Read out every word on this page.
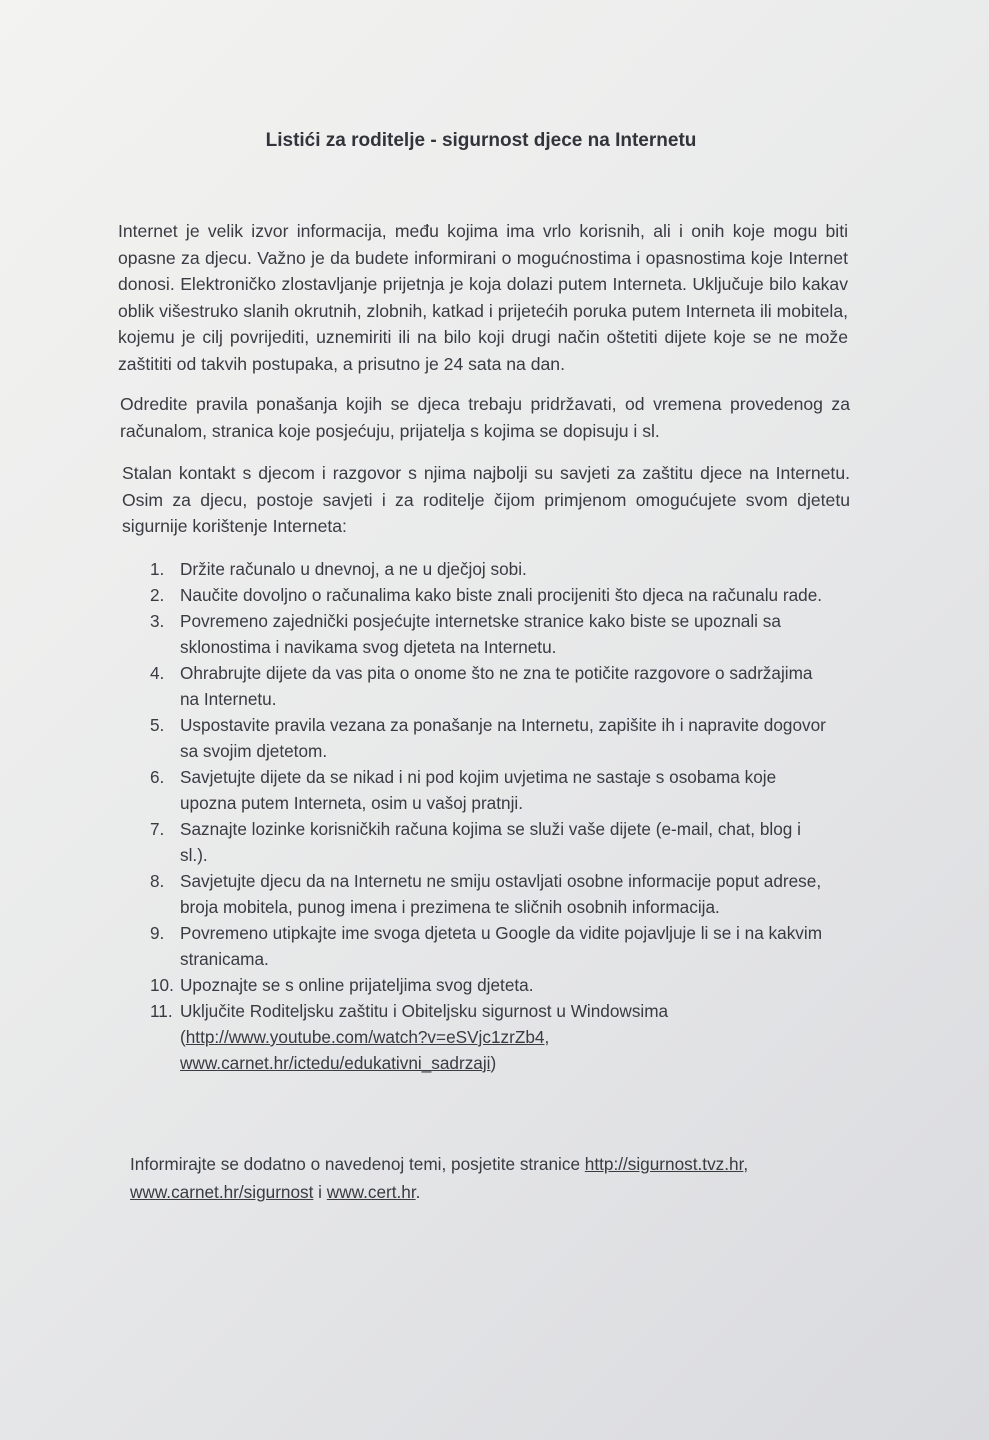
Listići za roditelje - sigurnost djece na Internetu

Internet je velik izvor informacija, među kojima ima vrlo korisnih, ali i onih koje mogu biti opasne za djecu. Važno je da budete informirani o mogućnostima i opasnostima koje Internet donosi. Elektroničko zlostavljanje prijetnja je koja dolazi putem Interneta. Uključuje bilo kakav oblik višestruko slanih okrutnih, zlobnih, katkad i prijetećih poruka putem Interneta ili mobitela, kojemu je cilj povrijediti, uznemiriti ili na bilo koji drugi način oštetiti dijete koje se ne može zaštititi od takvih postupaka, a prisutno je 24 sata na dan.

Odredite pravila ponašanja kojih se djeca trebaju pridržavati, od vremena provedenog za računalom, stranica koje posjećuju, prijatelja s kojima se dopisuju i sl.

Stalan kontakt s djecom i razgovor s njima najbolji su savjeti za zaštitu djece na Internetu. Osim za djecu, postoje savjeti i za roditelje čijom primjenom omogućujete svom djetetu sigurnije korištenje Interneta:

1. Držite računalo u dnevnoj, a ne u dječjoj sobi.
2. Naučite dovoljno o računalima kako biste znali procijeniti što djeca na računalu rade.
3. Povremeno zajednički posjećujte internetske stranice kako biste se upoznali sa sklonostima i navikama svog djeteta na Internetu.
4. Ohrabrujte dijete da vas pita o onome što ne zna te potičite razgovore o sadržajima na Internetu.
5. Uspostavite pravila vezana za ponašanje na Internetu, zapišite ih i napravite dogovor sa svojim djetetom.
6. Savjetujte dijete da se nikad i ni pod kojim uvjetima ne sastaje s osobama koje upozna putem Interneta, osim u vašoj pratnji.
7. Saznajte lozinke korisničkih računa kojima se služi vaše dijete (e-mail, chat, blog i sl.).
8. Savjetujte djecu da na Internetu ne smiju ostavljati osobne informacije poput adrese, broja mobitela, punog imena i prezimena te sličnih osobnih informacija.
9. Povremeno utipkajte ime svoga djeteta u Google da vidite pojavljuje li se i na kakvim stranicama.
10. Upoznajte se s online prijateljima svog djeteta.
11. Uključite Roditeljsku zaštitu i Obiteljsku sigurnost u Windowsima
(http://www.youtube.com/watch?v=eSVjc1zrZb4,
www.carnet.hr/ictedu/edukativni_sadrzaji)

Informirajte se dodatno o navedenoj temi, posjetite stranice http://sigurnost.tvz.hr,
www.carnet.hr/sigurnost i www.cert.hr.
